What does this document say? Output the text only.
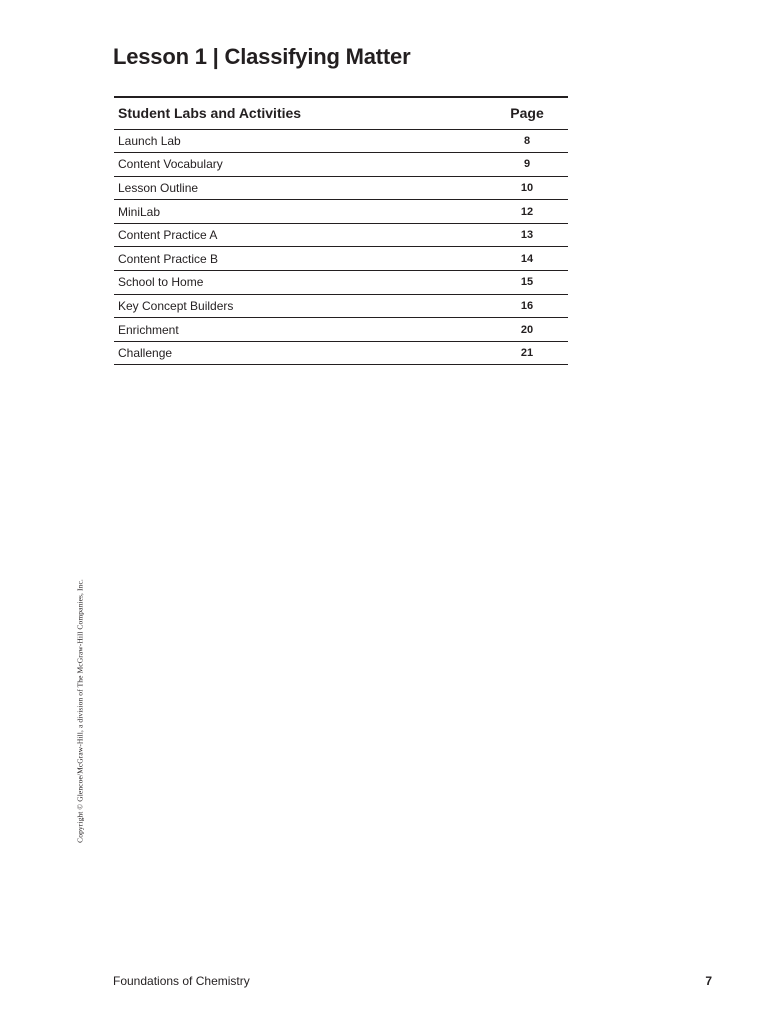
Lesson 1 | Classifying Matter
Student Labs and Activities	Page
Launch Lab	8
Content Vocabulary	9
Lesson Outline	10
MiniLab	12
Content Practice A	13
Content Practice B	14
School to Home	15
Key Concept Builders	16
Enrichment	20
Challenge	21
Copyright © Glencoe/McGraw-Hill, a division of The McGraw-Hill Companies, Inc.
Foundations of Chemistry	7
